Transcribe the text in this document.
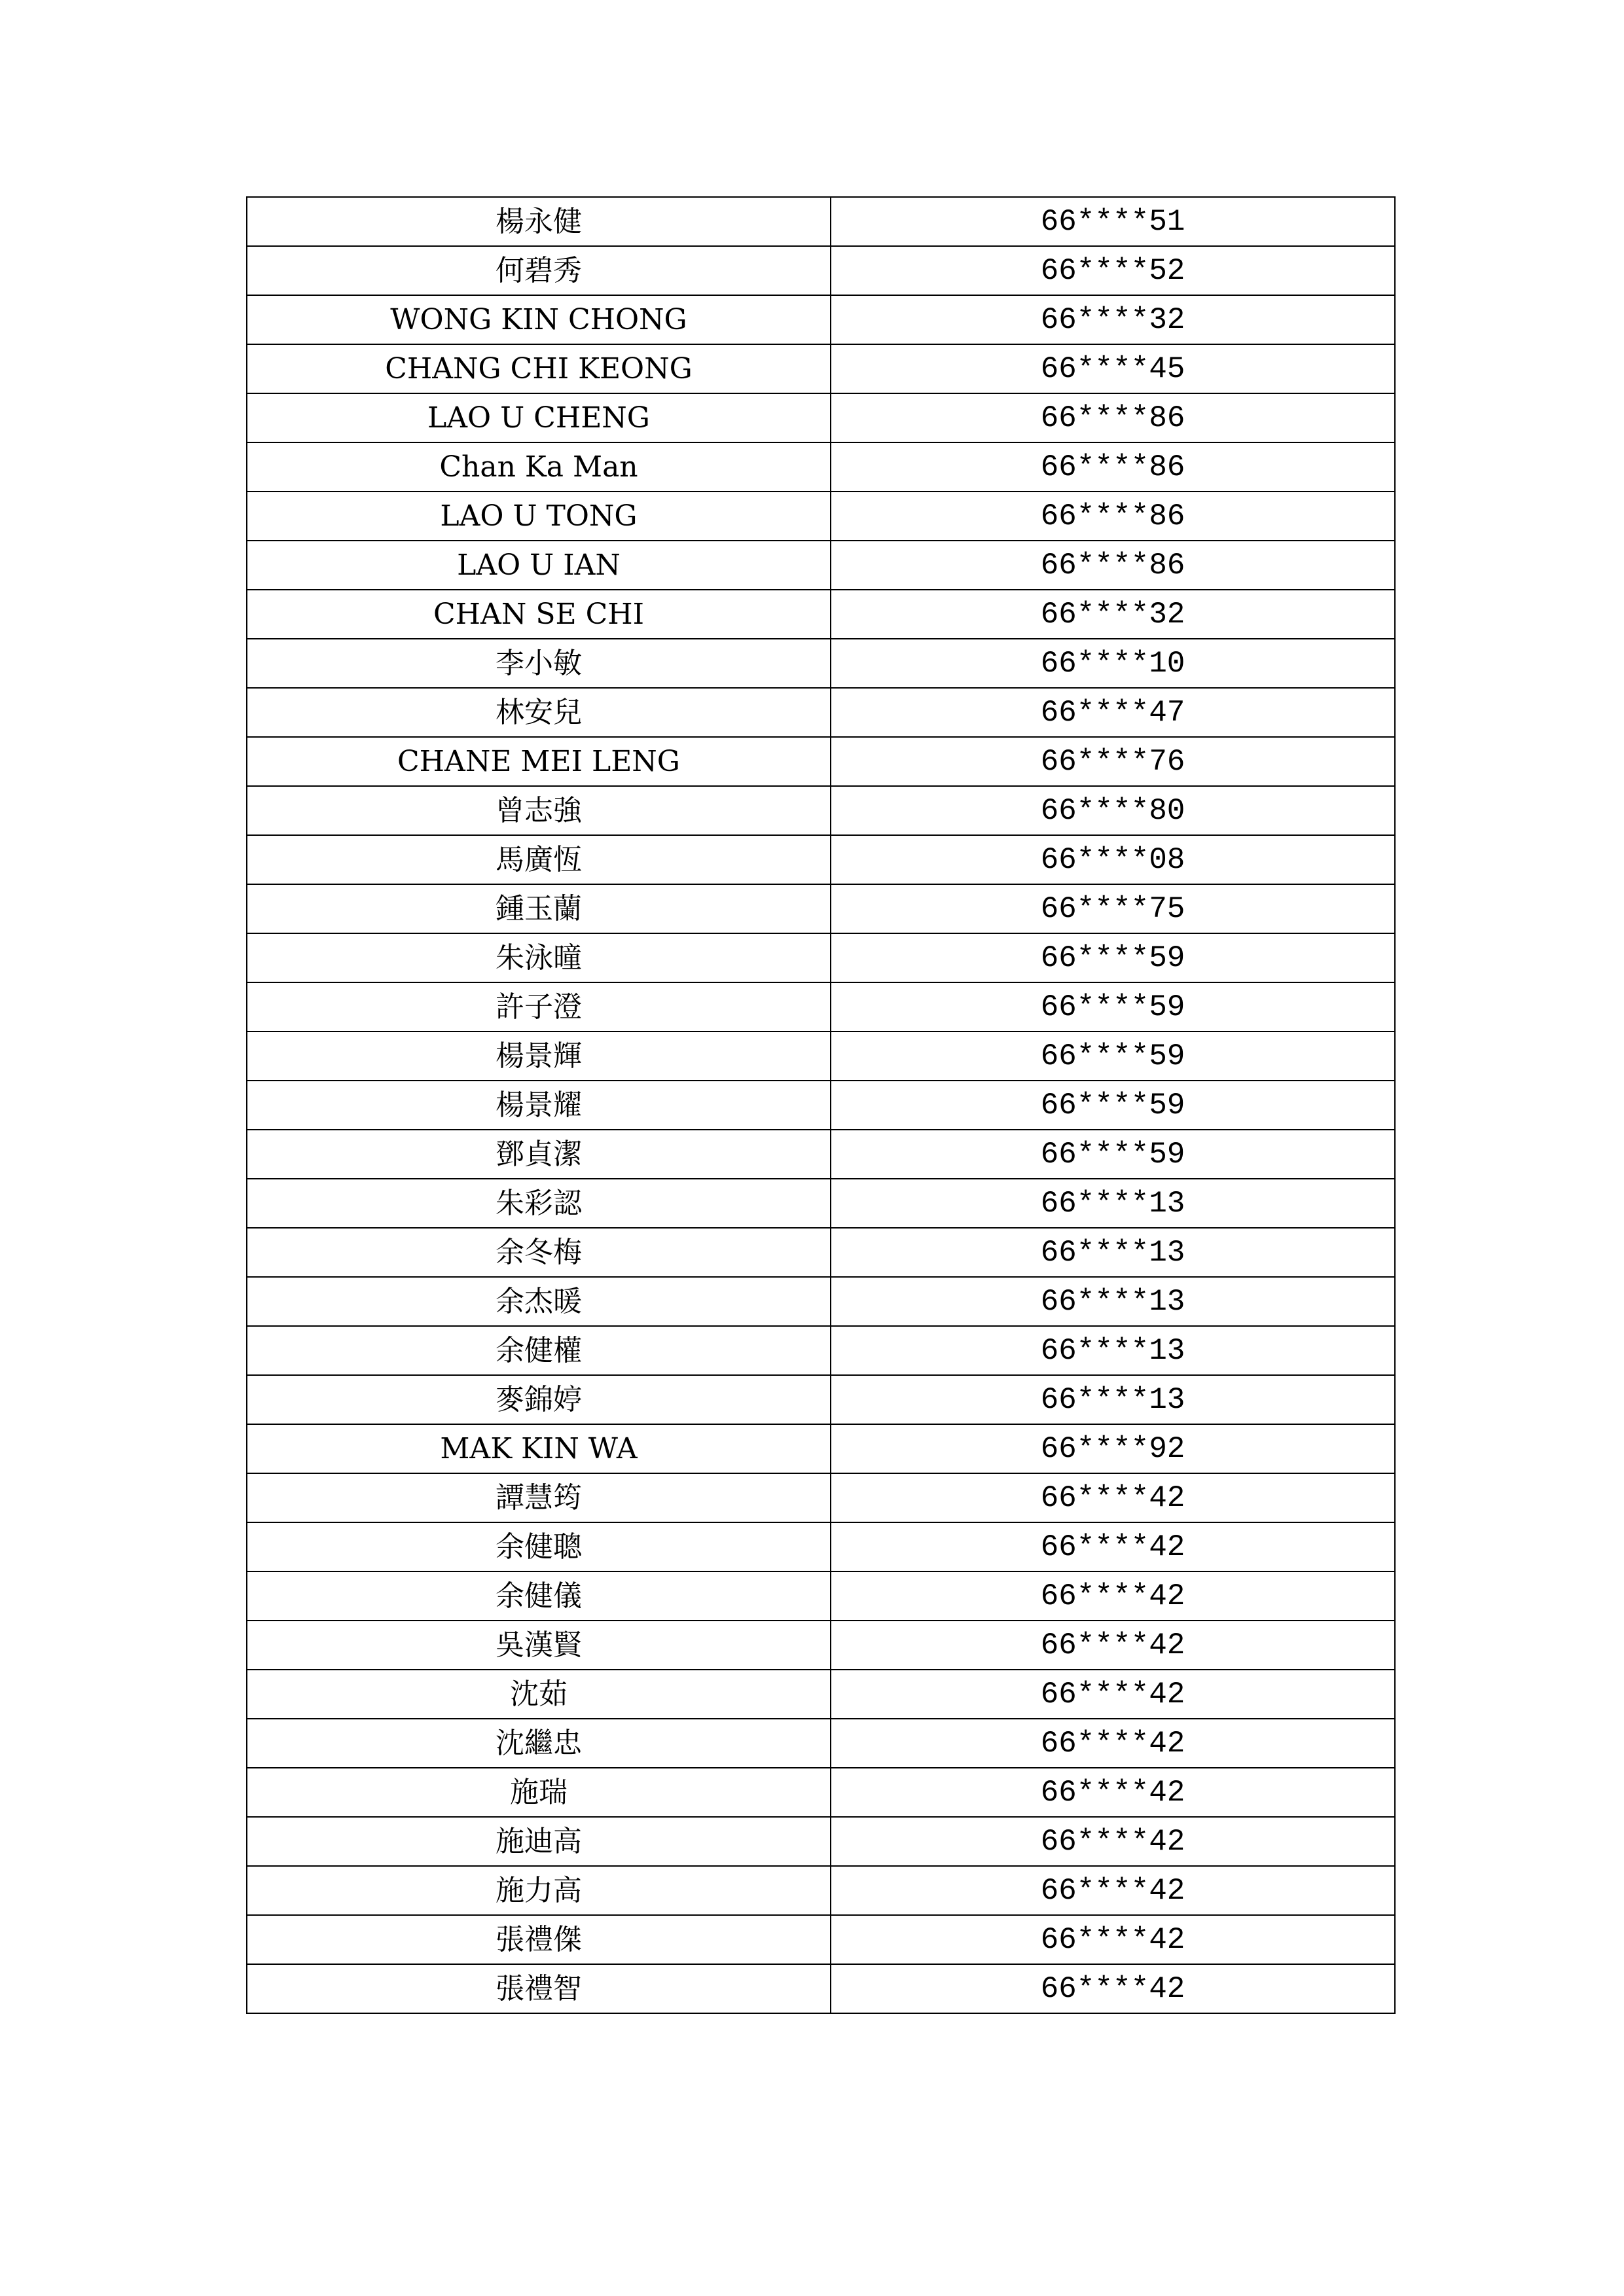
楊永健	66****51
何碧秀	66****52
WONG KIN CHONG	66****32
CHANG CHI KEONG	66****45
LAO U CHENG	66****86
Chan Ka Man	66****86
LAO U TONG	66****86
LAO U IAN	66****86
CHAN SE CHI	66****32
李小敏	66****10
林安兒	66****47
CHANE MEI LENG	66****76
曾志強	66****80
馬廣恆	66****08
鍾玉蘭	66****75
朱泳曈	66****59
許子澄	66****59
楊景輝	66****59
楊景耀	66****59
鄧貞潔	66****59
朱彩認	66****13
余冬梅	66****13
余杰暖	66****13
余健權	66****13
麥錦婷	66****13
MAK KIN WA	66****92
譚慧筠	66****42
余健聰	66****42
余健儀	66****42
吳漢賢	66****42
沈茹	66****42
沈繼忠	66****42
施瑞	66****42
施迪高	66****42
施力高	66****42
張禮傑	66****42
張禮智	66****42
